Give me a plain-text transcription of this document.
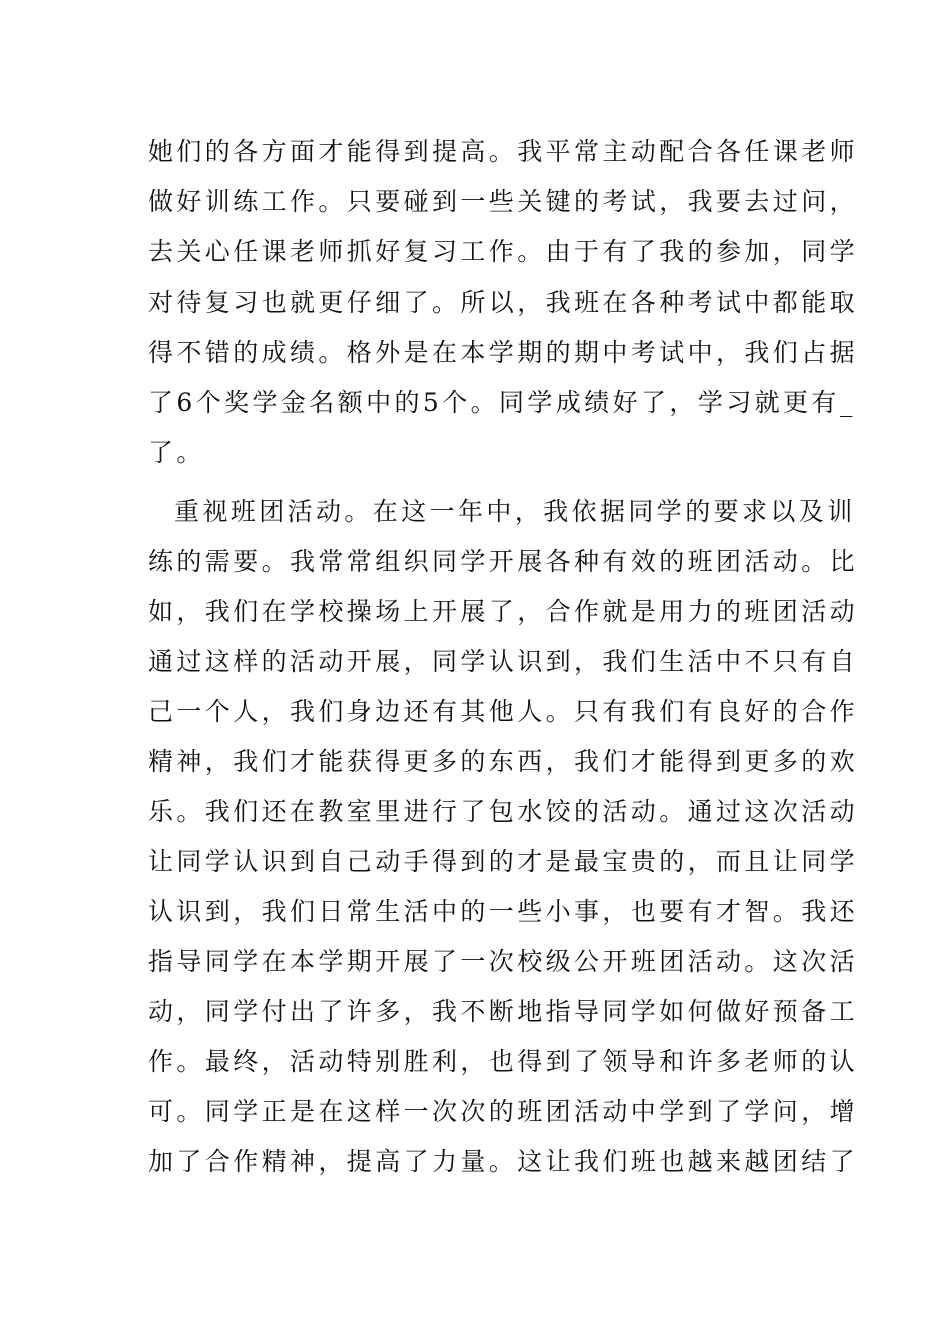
她们的各方面才能得到提高。我平常主动配合各任课老师
做好训练工作。只要碰到一些关键的考试，我要去过问，
去关心任课老师抓好复习工作。由于有了我的参加，同学
对待复习也就更仔细了。所以，我班在各种考试中都能取
得不错的成绩。格外是在本学期的期中考试中，我们占据
了6个奖学金名额中的5个。同学成绩好了，学习就更有_
了。
重视班团活动。在这一年中，我依据同学的要求以及训
练的需要。我常常组织同学开展各种有效的班团活动。比
如，我们在学校操场上开展了，合作就是用力的班团活动
通过这样的活动开展，同学认识到，我们生活中不只有自
己一个人，我们身边还有其他人。只有我们有良好的合作
精神，我们才能获得更多的东西，我们才能得到更多的欢
乐。我们还在教室里进行了包水饺的活动。通过这次活动
让同学认识到自己动手得到的才是最宝贵的，而且让同学
认识到，我们日常生活中的一些小事，也要有才智。我还
指导同学在本学期开展了一次校级公开班团活动。这次活
动，同学付出了许多，我不断地指导同学如何做好预备工
作。最终，活动特别胜利，也得到了领导和许多老师的认
可。同学正是在这样一次次的班团活动中学到了学问，增
加了合作精神，提高了力量。这让我们班也越来越团结了
